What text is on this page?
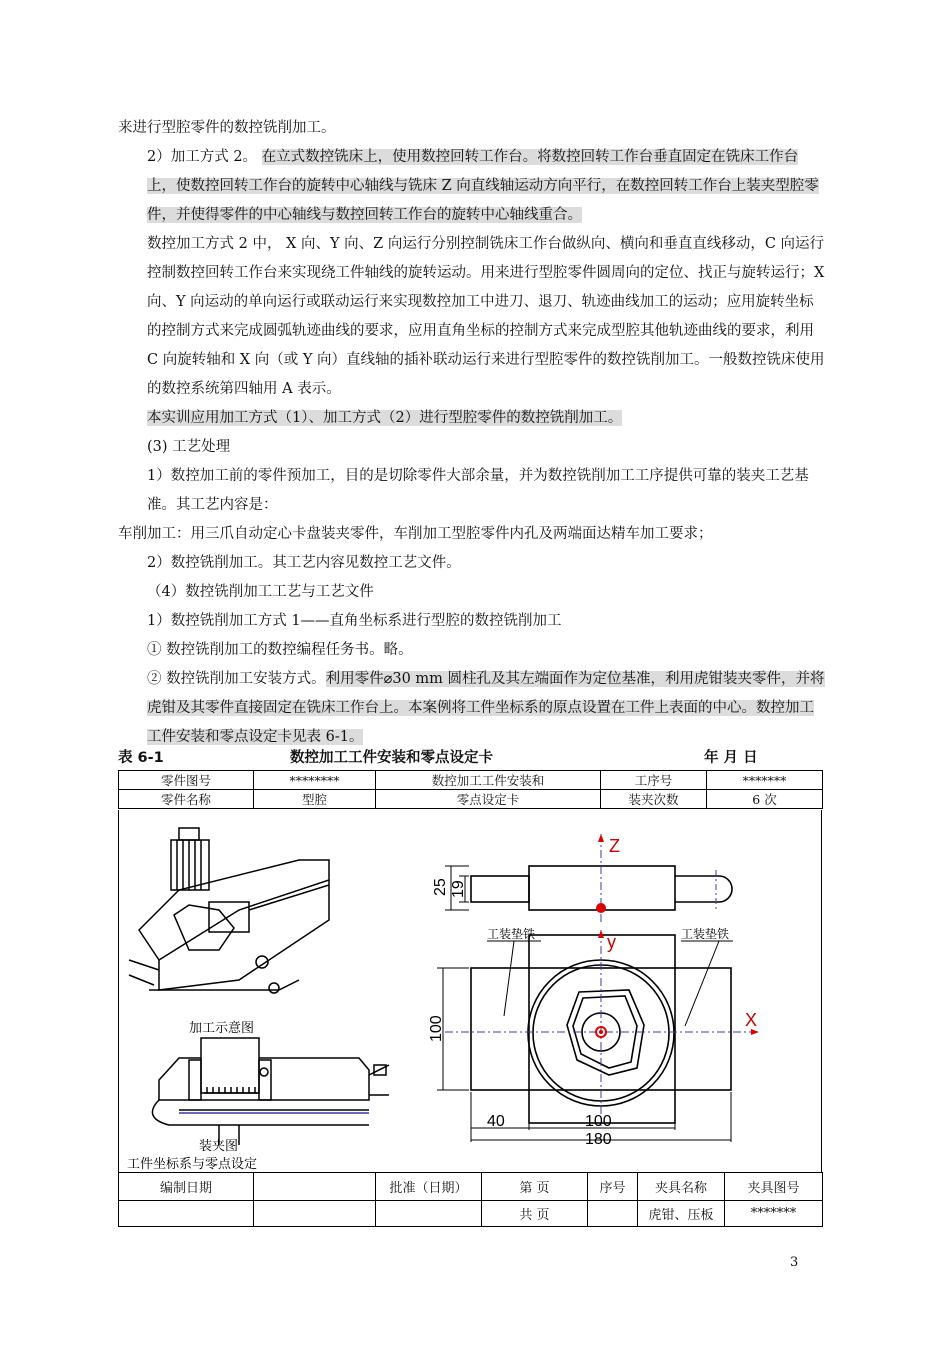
来进行型腔零件的数控铣削加工。

2）加工方式 2。 在立式数控铣床上，使用数控回转工作台。将数控回转工作台垂直固定在铣床工作台上，使数控回转工作台的旋转中心轴线与铣床 Z 向直线轴运动方向平行，在数控回转工作台上装夹型腔零件，并使得零件的中心轴线与数控回转工作台的旋转中心轴线重合。

数控加工方式 2 中， X 向、Y 向、Z 向运行分别控制铣床工作台做纵向、横向和垂直直线移动，C 向运行控制数控回转工作台来实现绕工件轴线的旋转运动。用来进行型腔零件圆周向的定位、找正与旋转运行；X 向、Y 向运动的单向运行或联动运行来实现数控加工中进刀、退刀、轨迹曲线加工的运动；应用旋转坐标的控制方式来完成圆弧轨迹曲线的要求，应用直角坐标的控制方式来完成型腔其他轨迹曲线的要求，利用 C 向旋转轴和 X 向（或 Y 向）直线轴的插补联动运行来进行型腔零件的数控铣削加工。一般数控铣床使用的数控系统第四轴用 A 表示。

本实训应用加工方式（1）、加工方式（2）进行型腔零件的数控铣削加工。

(3) 工艺处理

1）数控加工前的零件预加工，目的是切除零件大部余量，并为数控铣削加工工序提供可靠的装夹工艺基准。其工艺内容是：

车削加工：用三爪自动定心卡盘装夹零件，车削加工型腔零件内孔及两端面达精车加工要求；

2）数控铣削加工。其工艺内容见数控工艺文件。

（4）数控铣削加工工艺与工艺文件

1）数控铣削加工方式 1——直角坐标系进行型腔的数控铣削加工

① 数控铣削加工的数控编程任务书。略。

② 数控铣削加工安装方式。利用零件⌀30 mm 圆柱孔及其左端面作为定位基准，利用虎钳装夹零件，并将虎钳及其零件直接固定在铣床工作台上。本案例将工件坐标系的原点设置在工件上表面的中心。数控加工工件安装和零点设定卡见表 6-1。

表 6-1	数控加工工件安装和零点设定卡	年 月 日
零件图号	********	数控加工工件安装和	工序号	*******
零件名称	型腔	零点设定卡	装夹次数	6 次
加工示意图
装夹图
工件坐标系与零点设定
Z
25 19
工装垫铁	工装垫铁
y
X
100
40	100
180
编制日期		批准（日期）	第 页	序号	夹具名称	夹具图号
			共 页		虎钳、压板	*******
3
